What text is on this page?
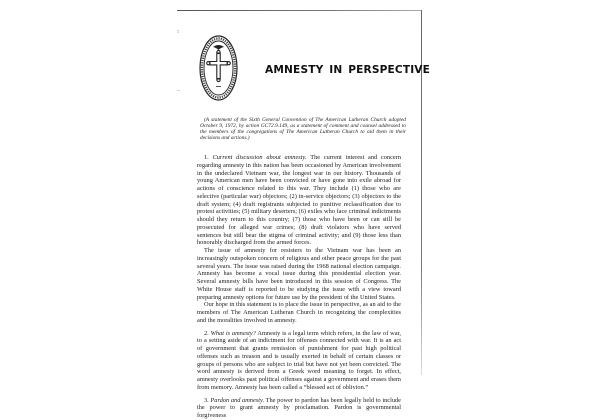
²
–
AMNESTY IN PERSPECTIVE
(A statement of the Sixth General Convention of The American Lutheran Church adopted October 9, 1972, by action GC72.9.149, as a statement of comment and counsel addressed to the members of the congregations of The American Lutheran Church to aid them in their decisions and actions.)

1. Current discussion about amnesty. The current interest and concern regarding amnesty in this nation has been occasioned by American involvement in the undeclared Vietnam war, the longest war in our history. Thousands of young American men have been convicted or have gone into exile abroad for actions of conscience related to this war. They include (1) those who are selective (particular war) objectors; (2) in-service objectors; (3) objectors to the draft system; (4) draft registrants subjected to punitive reclassification due to protest activities; (5) military deserters; (6) exiles who face criminal indictments should they return to this country; (7) those who have been or can still be prosecuted for alleged war crimes; (8) draft violators who have served sentences but still bear the stigma of criminal activity; and (9) those less than honorably discharged from the armed forces.

The issue of amnesty for resisters to the Vietnam war has been an increasingly outspoken concern of religious and other peace groups for the past several years. The issue was raised during the 1968 national election campaign. Amnesty has become a vocal issue during this presidential election year. Several amnesty bills have been introduced in this session of Congress. The White House staff is reported to be studying the issue with a view toward preparing amnesty options for future use by the president of the United States.

Our hope in this statement is to place the issue in perspective, as an aid to the members of The American Lutheran Church in recognizing the complexities and the moralities involved in amnesty.

2. What is amnesty? Amnesty is a legal term which refers, in the law of war, to a setting aside of an indictment for offenses connected with war. It is an act of government that grants remission of punishment for past high political offenses such as treason and is usually exerted in behalf of certain classes or groups of persons who are subject to trial but have not yet been convicted. The word amnesty is derived from a Greek word meaning to forget. In effect, amnesty overlooks past political offenses against a government and erases them from memory. Amnesty has been called a “blessed act of oblivion.”

3. Pardon and amnesty. The power to pardon has been legally held to include the power to grant amnesty by proclamation. Pardon is governmental forgiveness
